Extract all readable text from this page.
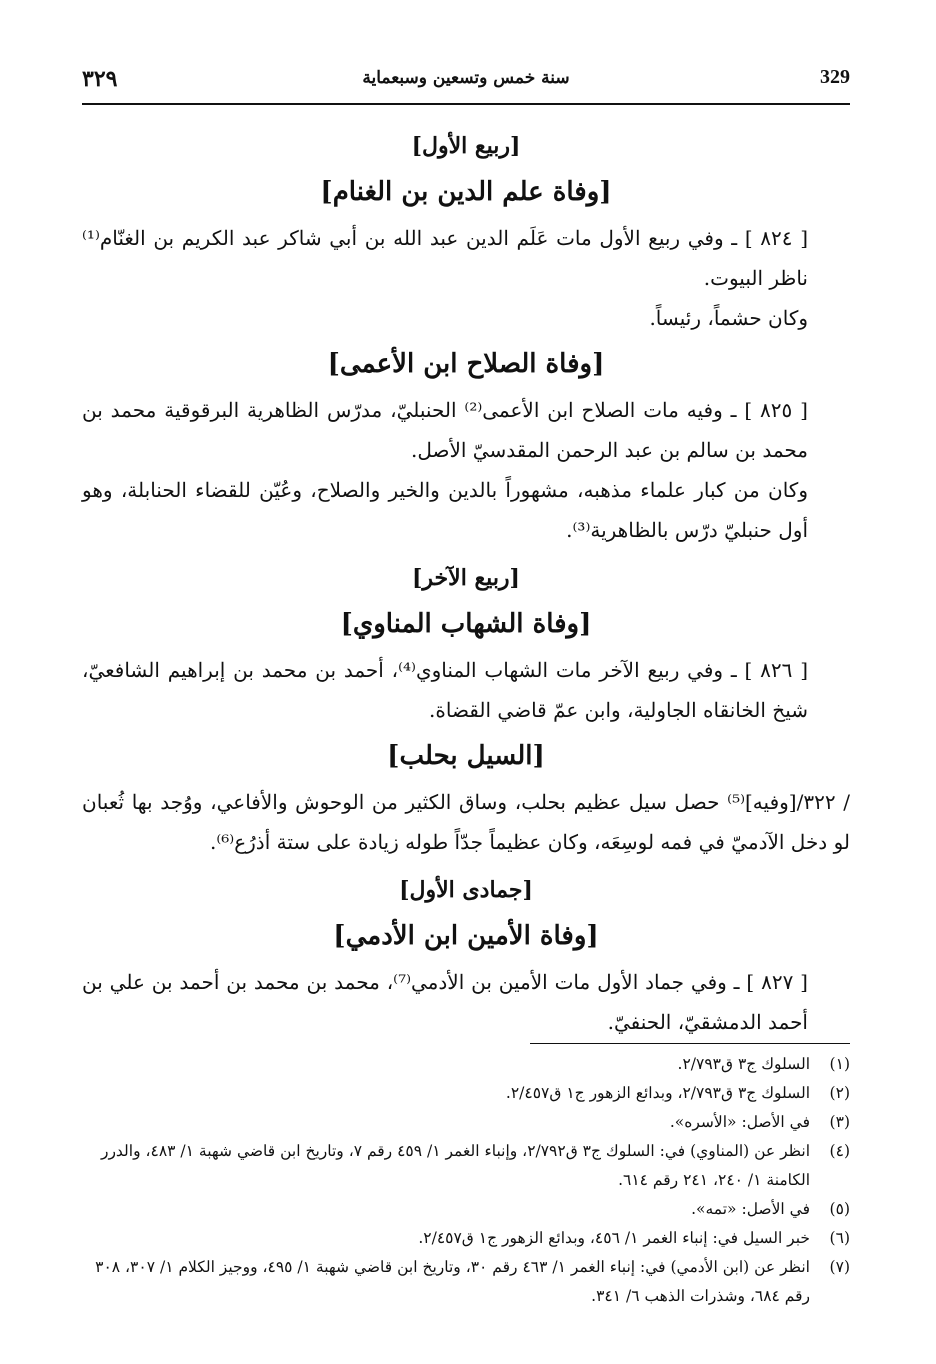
٣٢٩	سنة خمس وتسعين وسبعماية	329
[ربيع الأول]
[وفاة علم الدين بن الغنام]

[ ٨٢٤ ] ـ وفي ربيع الأول مات عَلَم الدين عبد الله بن أبي شاكر عبد الكريم بن الغنّام⁽¹⁾ ناظر البيوت.

وكان حشماً، رئيساً.

[وفاة الصلاح ابن الأعمى]

[ ٨٢٥ ] ـ وفيه مات الصلاح ابن الأعمى⁽²⁾ الحنبليّ، مدرّس الظاهرية البرقوقية محمد بن محمد بن سالم بن عبد الرحمن المقدسيّ الأصل.

وكان من كبار علماء مذهبه، مشهوراً بالدين والخير والصلاح، وعُيّن للقضاء الحنابلة، وهو أول حنبليّ درّس بالظاهرية⁽³⁾.

[ربيع الآخر]
[وفاة الشهاب المناوي]

[ ٨٢٦ ] ـ وفي ربيع الآخر مات الشهاب المناوي⁽⁴⁾، أحمد بن محمد بن إبراهيم الشافعيّ، شيخ الخانقاه الجاولية، وابن عمّ قاضي القضاة.

[السيل بحلب]

/ ٣٢٢/[وفيه]⁽⁵⁾ حصل سيل عظيم بحلب، وساق الكثير من الوحوش والأفاعي، ووُجد بها ثُعبان لو دخل الآدميّ في فمه لوسِعَه، وكان عظيماً جدّاً طوله زيادة على ستة أذرُع⁽⁶⁾.

[جمادى الأول]
[وفاة الأمين ابن الأدمي]

[ ٨٢٧ ] ـ وفي جماد الأول مات الأمين بن الأدمي⁽⁷⁾، محمد بن محمد بن أحمد بن علي بن أحمد الدمشقيّ، الحنفيّ.

(١)
السلوك ج٣ ق٢/٧٩٣.
(٢)
السلوك ج٣ ق٢/٧٩٣، وبدائع الزهور ج١ ق٢/٤٥٧.
(٣)
في الأصل: «الأسره».
(٤)
انظر عن (المناوي) في: السلوك ج٣ ق٢/٧٩٢، وإنباء الغمر ١/ ٤٥٩ رقم ٧، وتاريخ ابن قاضي شهبة ١/ ٤٨٣، والدرر الكامنة ١/ ٢٤٠، ٢٤١ رقم ٦١٤.
(٥)
في الأصل: «تمه».
(٦)
خبر السيل في: إنباء الغمر ١/ ٤٥٦، وبدائع الزهور ج١ ق٢/٤٥٧.
(٧)
انظر عن (ابن الأدمي) في: إنباء الغمر ١/ ٤٦٣ رقم ٣٠، وتاريخ ابن قاضي شهبة ١/ ٤٩٥، ووجيز الكلام ١/ ٣٠٧، ٣٠٨ رقم ٦٨٤، وشذرات الذهب ٦/ ٣٤١.
